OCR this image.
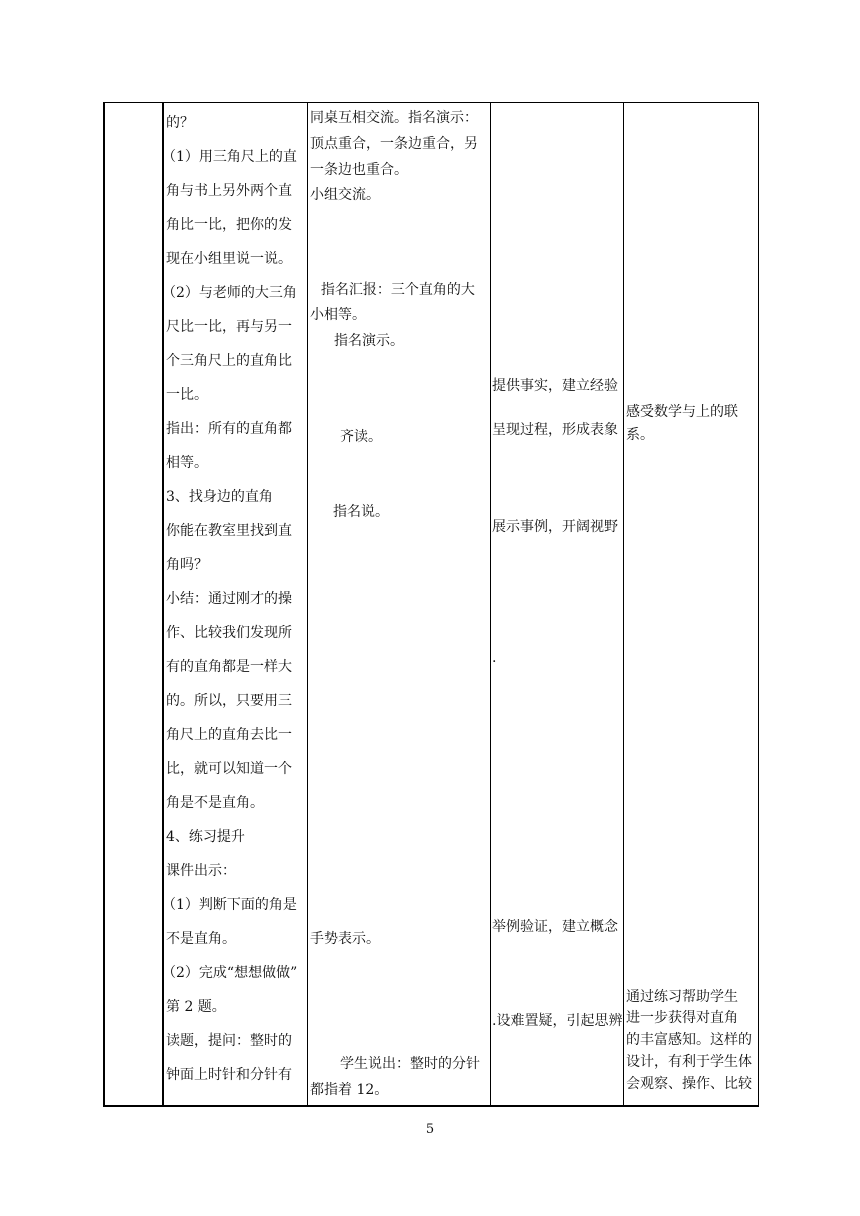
的？
（1）用三角尺上的直
角与书上另外两个直
角比一比，把你的发
现在小组里说一说。
（2）与老师的大三角
尺比一比，再与另一
个三角尺上的直角比
一比。
指出：所有的直角都
相等。
3、找身边的直角
你能在教室里找到直
角吗？
小结：通过刚才的操
作、比较我们发现所
有的直角都是一样大
的。所以，只要用三
角尺上的直角去比一
比，就可以知道一个
角是不是直角。
4、练习提升
课件出示：
（1）判断下面的角是
不是直角。
（2）完成“想想做做”
第 2 题。
读题，提问：整时的
钟面上时针和分针有
同桌互相交流。指名演示：
顶点重合，一条边重合，另
一条边也重合。
小组交流。
指名汇报：三个直角的大
小相等。
指名演示。
齐读。
指名说。
手势表示。
学生说出：整时的分针
都指着 12。
提供事实，建立经验
呈现过程，形成表象
展示事例，开阔视野
.
举例验证，建立概念
.设难置疑，引起思辨
感受数学与上的联
系。
通过练习帮助学生
进一步获得对直角
的丰富感知。这样的
设计，有利于学生体
会观察、操作、比较
5
